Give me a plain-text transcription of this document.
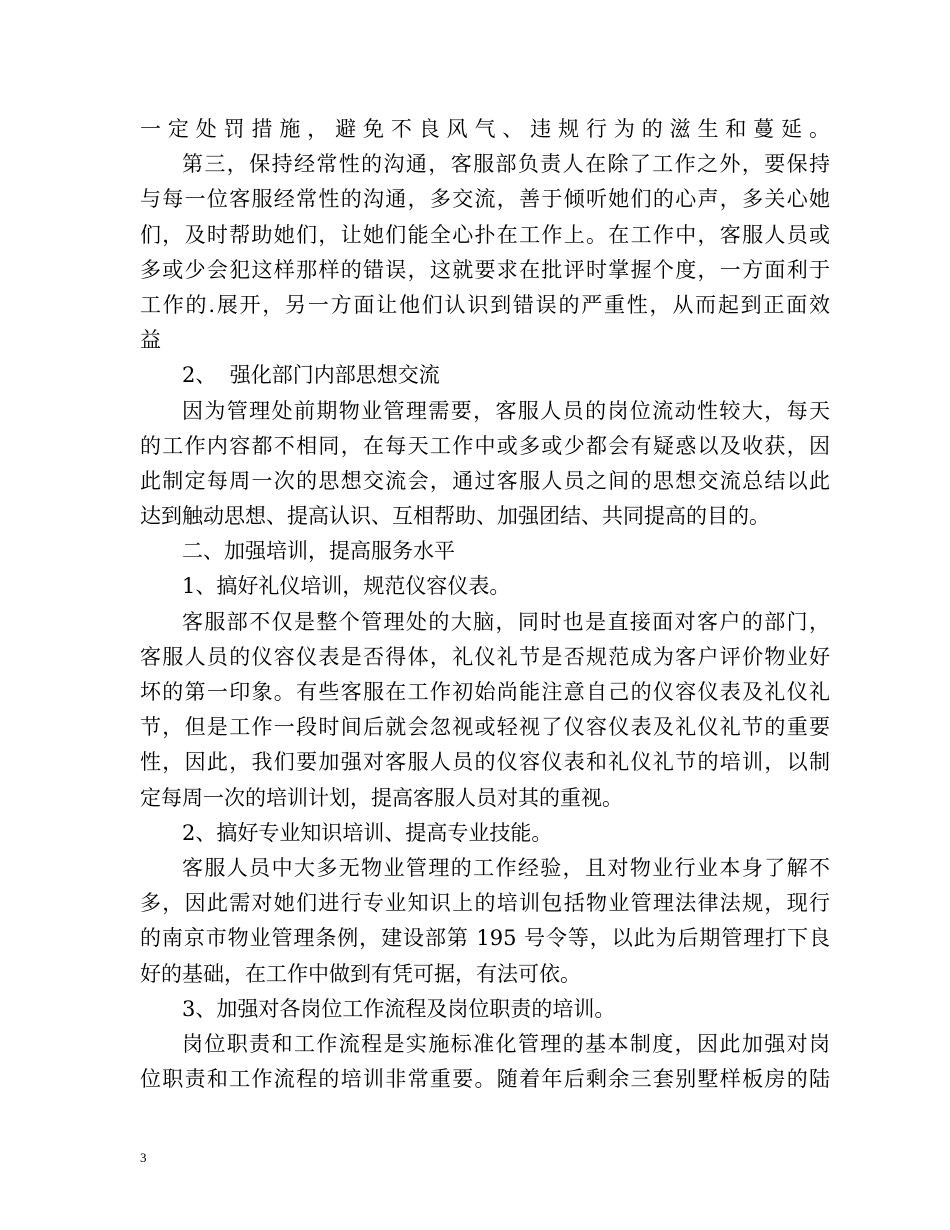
一定处罚措施，避免不良风气、违规行为的滋生和蔓延。
第三，保持经常性的沟通，客服部负责人在除了工作之外，要保持
与每一位客服经常性的沟通，多交流，善于倾听她们的心声，多关心她
们，及时帮助她们，让她们能全心扑在工作上。在工作中，客服人员或
多或少会犯这样那样的错误，这就要求在批评时掌握个度，一方面利于
工作的.展开，另一方面让他们认识到错误的严重性，从而起到正面效
益
2、  强化部门内部思想交流
因为管理处前期物业管理需要，客服人员的岗位流动性较大，每天
的工作内容都不相同，在每天工作中或多或少都会有疑惑以及收获，因
此制定每周一次的思想交流会，通过客服人员之间的思想交流总结以此
达到触动思想、提高认识、互相帮助、加强团结、共同提高的目的。
二、加强培训，提高服务水平
1、搞好礼仪培训，规范仪容仪表。
客服部不仅是整个管理处的大脑，同时也是直接面对客户的部门，
客服人员的仪容仪表是否得体，礼仪礼节是否规范成为客户评价物业好
坏的第一印象。有些客服在工作初始尚能注意自己的仪容仪表及礼仪礼
节，但是工作一段时间后就会忽视或轻视了仪容仪表及礼仪礼节的重要
性，因此，我们要加强对客服人员的仪容仪表和礼仪礼节的培训，以制
定每周一次的培训计划，提高客服人员对其的重视。
2、搞好专业知识培训、提高专业技能。
客服人员中大多无物业管理的工作经验，且对物业行业本身了解不
多，因此需对她们进行专业知识上的培训包括物业管理法律法规，现行
的南京市物业管理条例，建设部第 195 号令等，以此为后期管理打下良
好的基础，在工作中做到有凭可据，有法可依。
3、加强对各岗位工作流程及岗位职责的培训。
岗位职责和工作流程是实施标准化管理的基本制度，因此加强对岗
位职责和工作流程的培训非常重要。随着年后剩余三套别墅样板房的陆
3
